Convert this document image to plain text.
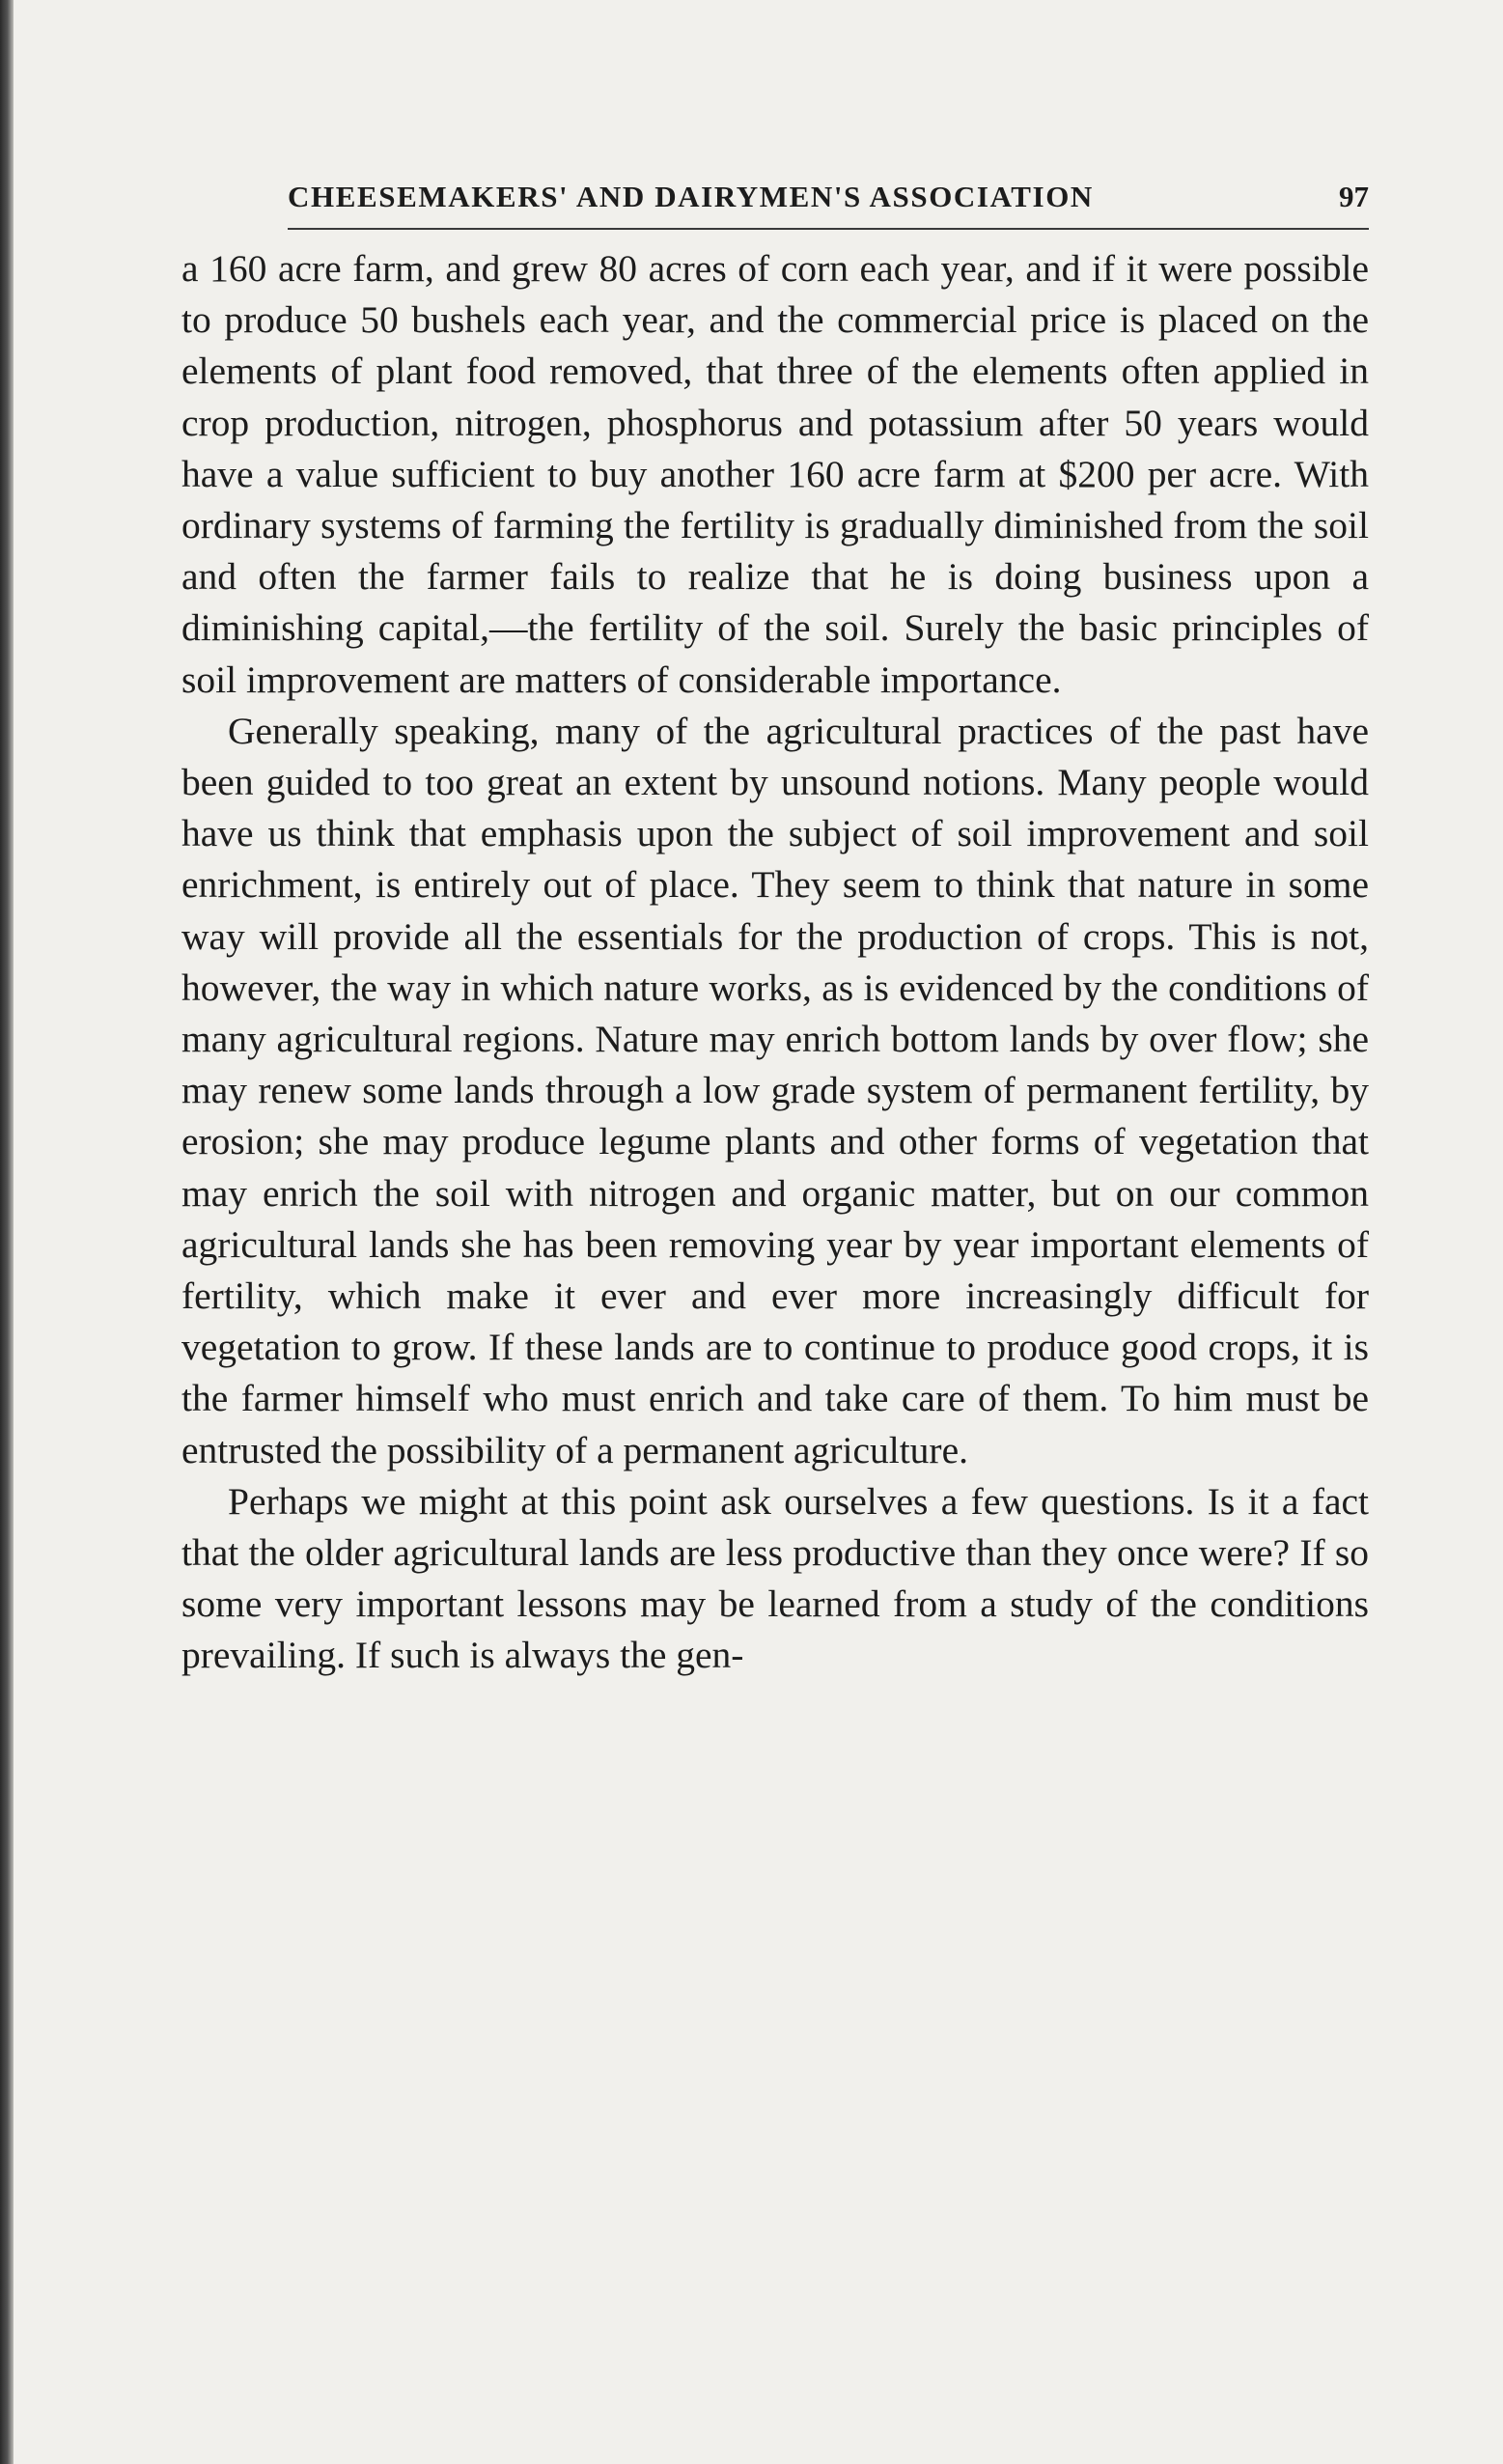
CHEESEMAKERS' AND DAIRYMEN'S ASSOCIATION	97

a 160 acre farm, and grew 80 acres of corn each year, and if it were possible to produce 50 bushels each year, and the commercial price is placed on the elements of plant food removed, that three of the elements often applied in crop production, nitrogen, phosphorus and potassium after 50 years would have a value sufficient to buy another 160 acre farm at $200 per acre. With ordinary systems of farming the fertility is gradually diminished from the soil and often the farmer fails to realize that he is doing business upon a diminishing capital,—the fertility of the soil. Surely the basic principles of soil improvement are matters of considerable importance.

Generally speaking, many of the agricultural practices of the past have been guided to too great an extent by unsound notions. Many people would have us think that emphasis upon the subject of soil improvement and soil enrichment, is entirely out of place. They seem to think that nature in some way will provide all the essentials for the production of crops. This is not, however, the way in which nature works, as is evidenced by the conditions of many agricultural regions. Nature may enrich bottom lands by over flow; she may renew some lands through a low grade system of permanent fertility, by erosion; she may produce legume plants and other forms of vegetation that may enrich the soil with nitrogen and organic matter, but on our common agricultural lands she has been removing year by year important elements of fertility, which make it ever and ever more increasingly difficult for vegetation to grow. If these lands are to continue to produce good crops, it is the farmer himself who must enrich and take care of them. To him must be entrusted the possibility of a permanent agriculture.

Perhaps we might at this point ask ourselves a few questions. Is it a fact that the older agricultural lands are less productive than they once were? If so some very important lessons may be learned from a study of the conditions prevailing. If such is always the gen-
